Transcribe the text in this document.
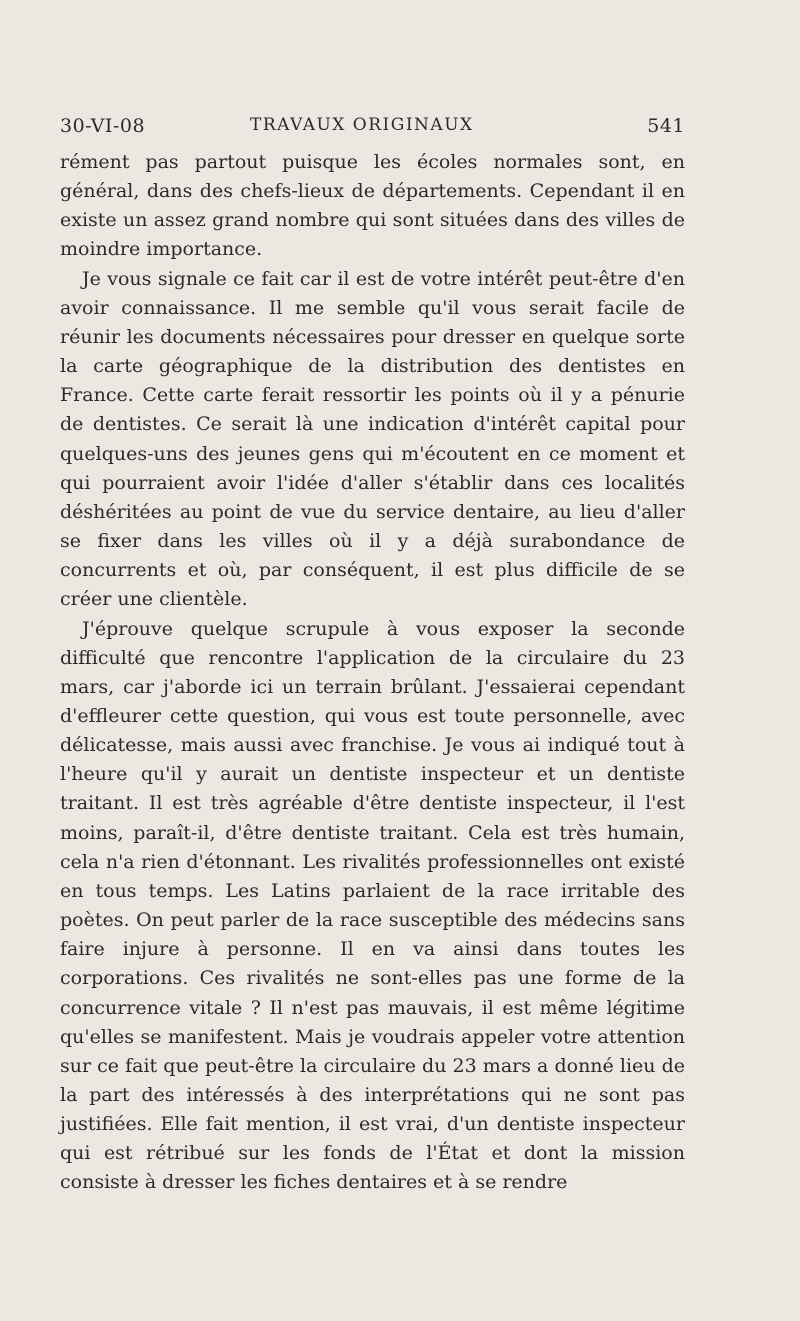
30-VI-08	TRAVAUX ORIGINAUX	541

rément pas partout puisque les écoles normales sont, en général, dans des chefs-lieux de départements. Cependant il en existe un assez grand nombre qui sont situées dans des villes de moindre importance.

Je vous signale ce fait car il est de votre intérêt peut-être d'en avoir connaissance. Il me semble qu'il vous serait facile de réunir les documents nécessaires pour dresser en quelque sorte la carte géographique de la distribution des dentistes en France. Cette carte ferait ressortir les points où il y a pénurie de dentistes. Ce serait là une indication d'intérêt capital pour quelques-uns des jeunes gens qui m'écoutent en ce moment et qui pourraient avoir l'idée d'aller s'établir dans ces localités déshéritées au point de vue du service dentaire, au lieu d'aller se fixer dans les villes où il y a déjà surabondance de concurrents et où, par conséquent, il est plus difficile de se créer une clientèle.

J'éprouve quelque scrupule à vous exposer la seconde difficulté que rencontre l'application de la circulaire du 23 mars, car j'aborde ici un terrain brûlant. J'essaierai cependant d'effleurer cette question, qui vous est toute personnelle, avec délicatesse, mais aussi avec franchise. Je vous ai indiqué tout à l'heure qu'il y aurait un dentiste inspecteur et un dentiste traitant. Il est très agréable d'être dentiste inspecteur, il l'est moins, paraît-il, d'être dentiste traitant. Cela est très humain, cela n'a rien d'étonnant. Les rivalités professionnelles ont existé en tous temps. Les Latins parlaient de la race irritable des poètes. On peut parler de la race susceptible des médecins sans faire injure à personne. Il en va ainsi dans toutes les corporations. Ces rivalités ne sont-elles pas une forme de la concurrence vitale ? Il n'est pas mauvais, il est même légitime qu'elles se manifestent. Mais je voudrais appeler votre attention sur ce fait que peut-être la circulaire du 23 mars a donné lieu de la part des intéressés à des interprétations qui ne sont pas justifiées. Elle fait mention, il est vrai, d'un dentiste inspecteur qui est rétribué sur les fonds de l'État et dont la mission consiste à dresser les fiches dentaires et à se rendre
